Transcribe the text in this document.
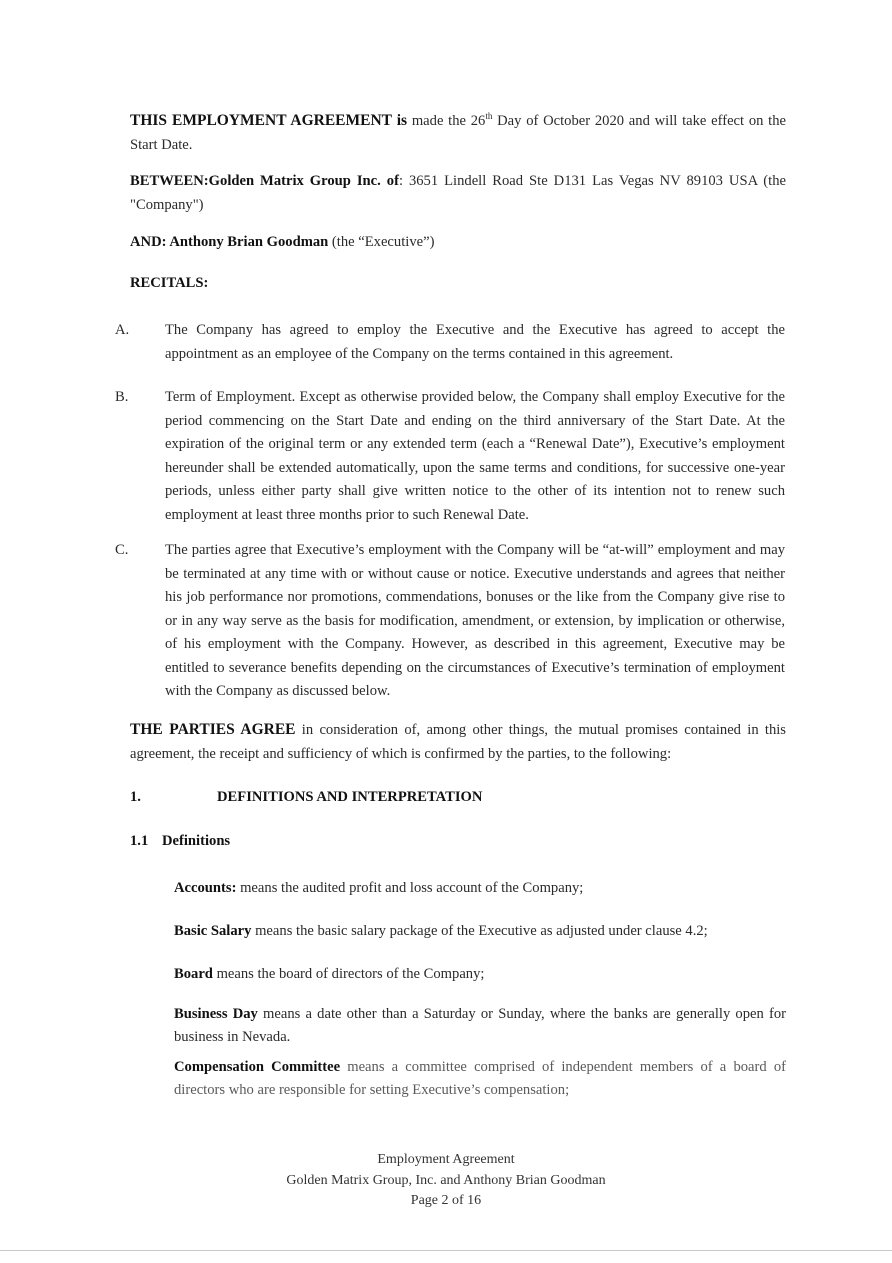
THIS EMPLOYMENT AGREEMENT is made the 26th Day of October 2020 and will take effect on the Start Date.
BETWEEN:Golden Matrix Group Inc. of: 3651 Lindell Road Ste D131 Las Vegas NV 89103 USA (the "Company")
AND: Anthony Brian Goodman (the “Executive”)
RECITALS:
A.	The Company has agreed to employ the Executive and the Executive has agreed to accept the appointment as an employee of the Company on the terms contained in this agreement.
B.	Term of Employment. Except as otherwise provided below, the Company shall employ Executive for the period commencing on the Start Date and ending on the third anniversary of the Start Date. At the expiration of the original term or any extended term (each a “Renewal Date”), Executive’s employment hereunder shall be extended automatically, upon the same terms and conditions, for successive one-year periods, unless either party shall give written notice to the other of its intention not to renew such employment at least three months prior to such Renewal Date.
C.	The parties agree that Executive’s employment with the Company will be “at-will” employment and may be terminated at any time with or without cause or notice. Executive understands and agrees that neither his job performance nor promotions, commendations, bonuses or the like from the Company give rise to or in any way serve as the basis for modification, amendment, or extension, by implication or otherwise, of his employment with the Company. However, as described in this agreement, Executive may be entitled to severance benefits depending on the circumstances of Executive’s termination of employment with the Company as discussed below.
THE PARTIES AGREE in consideration of, among other things, the mutual promises contained in this agreement, the receipt and sufficiency of which is confirmed by the parties, to the following:
1.	DEFINITIONS AND INTERPRETATION
1.1 Definitions
Accounts: means the audited profit and loss account of the Company;
Basic Salary means the basic salary package of the Executive as adjusted under clause 4.2;
Board means the board of directors of the Company;
Business Day means a date other than a Saturday or Sunday, where the banks are generally open for business in Nevada.
Compensation Committee means a committee comprised of independent members of a board of directors who are responsible for setting Executive’s compensation;
Employment Agreement
Golden Matrix Group, Inc. and Anthony Brian Goodman
Page 2 of 16
